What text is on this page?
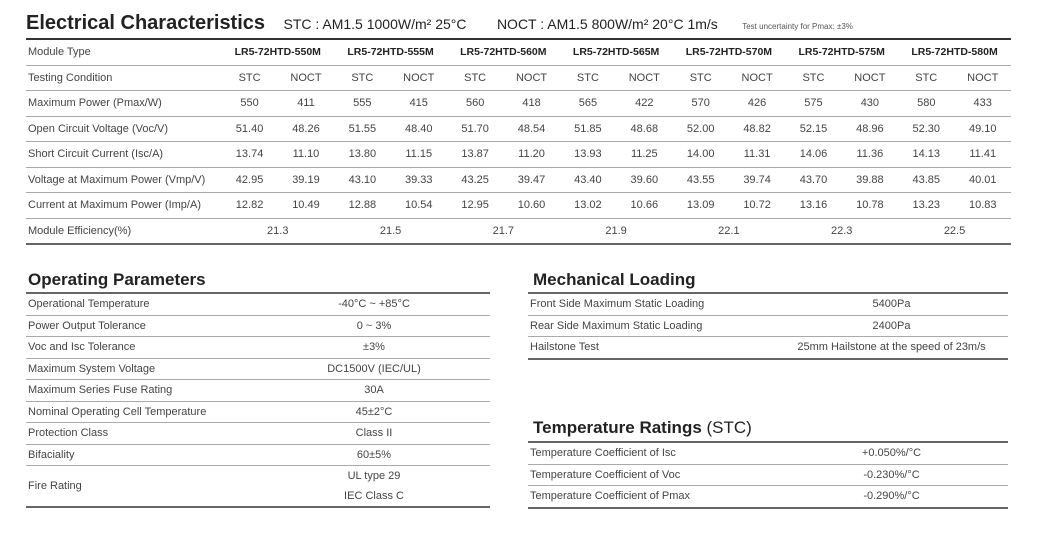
Electrical Characteristics STC : AM1.5 1000W/m² 25°C NOCT : AM1.5 800W/m² 20°C 1m/s	Test uncertainty for Pmax: ±3%
Module Type	LR5-72HTD-550M		LR5-72HTD-555M		LR5-72HTD-560M		LR5-72HTD-565M		LR5-72HTD-570M		LR5-72HTD-575M		LR5-72HTD-580M	
Testing Condition	STC	NOCT	STC	NOCT	STC	NOCT	STC	NOCT	STC	NOCT	STC	NOCT	STC	NOCT
Maximum Power (Pmax/W)	550	411	555	415	560	418	565	422	570	426	575	430	580	433
Open Circuit Voltage (Voc/V)	51.40	48.26	51.55	48.40	51.70	48.54	51.85	48.68	52.00	48.82	52.15	48.96	52.30	49.10
Short Circuit Current (Isc/A)	13.74	11.10	13.80	11.15	13.87	11.20	13.93	11.25	14.00	11.31	14.06	11.36	14.13	11.41
Voltage at Maximum Power (Vmp/V)	42.95	39.19	43.10	39.33	43.25	39.47	43.40	39.60	43.55	39.74	43.70	39.88	43.85	40.01
Current at Maximum Power (Imp/A)	12.82	10.49	12.88	10.54	12.95	10.60	13.02	10.66	13.09	10.72	13.16	10.78	13.23	10.83
Module Efficiency(%)	21.3		21.5		21.7		21.9		22.1		22.3		22.5	
Operating Parameters
Operational Temperature	-40°C ~ +85°C
Power Output Tolerance	0 ~ 3%
Voc and Isc Tolerance	±3%
Maximum System Voltage	DC1500V (IEC/UL)
Maximum Series Fuse Rating	30A
Nominal Operating Cell Temperature	45±2°C
Protection Class	Class II
Bifaciality	60±5%
Fire Rating	UL type 29
IEC Class C
Mechanical Loading
Front Side Maximum Static Loading	5400Pa
Rear Side Maximum Static Loading	2400Pa
Hailstone Test	25mm Hailstone at the speed of 23m/s
Temperature Ratings (STC)
Temperature Coefficient of Isc	+0.050%/°C
Temperature Coefficient of Voc	-0.230%/°C
Temperature Coefficient of Pmax	-0.290%/°C
